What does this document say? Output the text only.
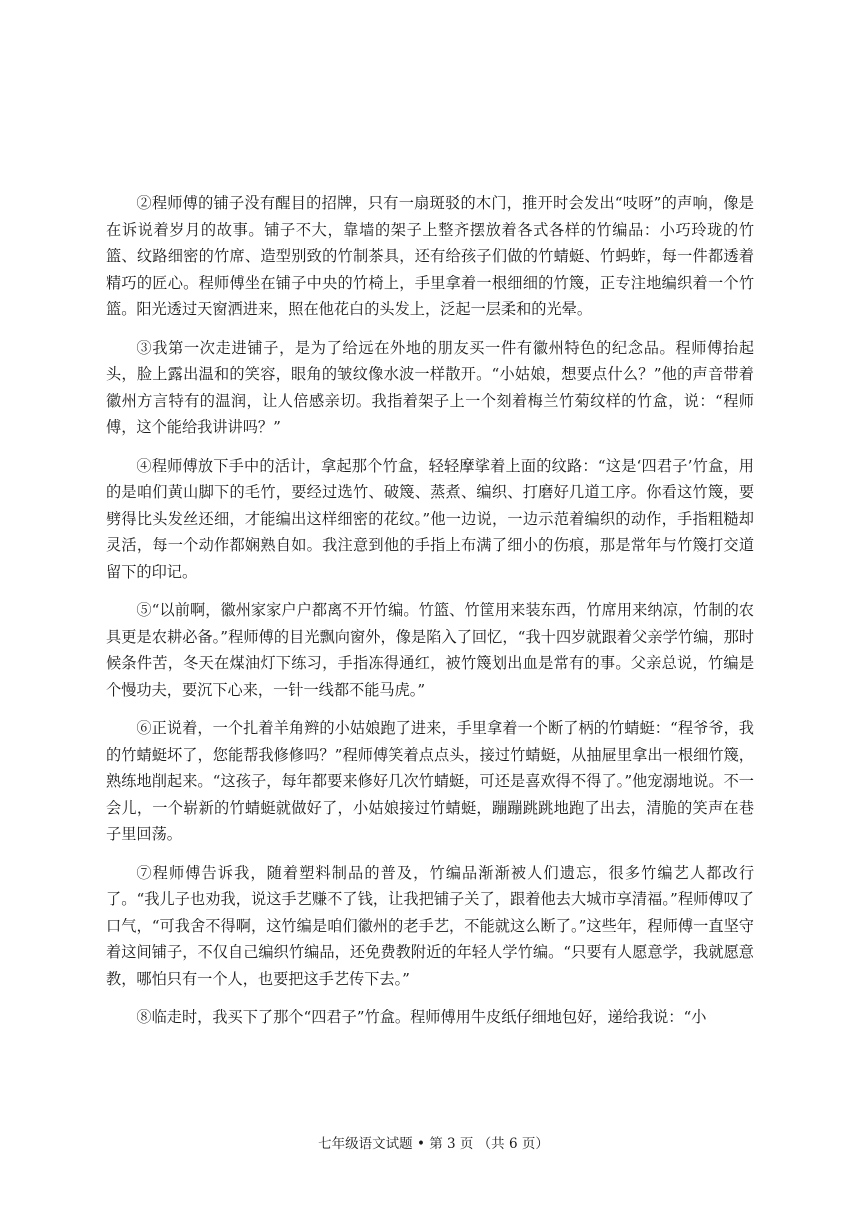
②程师傅的铺子没有醒目的招牌，只有一扇斑驳的木门，推开时会发出“吱呀”的声响，像是在诉说着岁月的故事。铺子不大，靠墙的架子上整齐摆放着各式各样的竹编品：小巧玲珑的竹篮、纹路细密的竹席、造型别致的竹制茶具，还有给孩子们做的竹蜻蜓、竹蚂蚱，每一件都透着精巧的匠心。程师傅坐在铺子中央的竹椅上，手里拿着一根细细的竹篾，正专注地编织着一个竹篮。阳光透过天窗洒进来，照在他花白的头发上，泛起一层柔和的光晕。

③我第一次走进铺子，是为了给远在外地的朋友买一件有徽州特色的纪念品。程师傅抬起头，脸上露出温和的笑容，眼角的皱纹像水波一样散开。“小姑娘，想要点什么？”他的声音带着徽州方言特有的温润，让人倍感亲切。我指着架子上一个刻着梅兰竹菊纹样的竹盒，说：“程师傅，这个能给我讲讲吗？”

④程师傅放下手中的活计，拿起那个竹盒，轻轻摩挲着上面的纹路：“这是‘四君子’竹盒，用的是咱们黄山脚下的毛竹，要经过选竹、破篾、蒸煮、编织、打磨好几道工序。你看这竹篾，要劈得比头发丝还细，才能编出这样细密的花纹。”他一边说，一边示范着编织的动作，手指粗糙却灵活，每一个动作都娴熟自如。我注意到他的手指上布满了细小的伤痕，那是常年与竹篾打交道留下的印记。

⑤“以前啊，徽州家家户户都离不开竹编。竹篮、竹筐用来装东西，竹席用来纳凉，竹制的农具更是农耕必备。”程师傅的目光飘向窗外，像是陷入了回忆，“我十四岁就跟着父亲学竹编，那时候条件苦，冬天在煤油灯下练习，手指冻得通红，被竹篾划出血是常有的事。父亲总说，竹编是个慢功夫，要沉下心来，一针一线都不能马虎。”

⑥正说着，一个扎着羊角辫的小姑娘跑了进来，手里拿着一个断了柄的竹蜻蜓：“程爷爷，我的竹蜻蜓坏了，您能帮我修修吗？”程师傅笑着点点头，接过竹蜻蜓，从抽屉里拿出一根细竹篾，熟练地削起来。“这孩子，每年都要来修好几次竹蜻蜓，可还是喜欢得不得了。”他宠溺地说。不一会儿，一个崭新的竹蜻蜓就做好了，小姑娘接过竹蜻蜓，蹦蹦跳跳地跑了出去，清脆的笑声在巷子里回荡。

⑦程师傅告诉我，随着塑料制品的普及，竹编品渐渐被人们遗忘，很多竹编艺人都改行了。“我儿子也劝我，说这手艺赚不了钱，让我把铺子关了，跟着他去大城市享清福。”程师傅叹了口气，“可我舍不得啊，这竹编是咱们徽州的老手艺，不能就这么断了。”这些年，程师傅一直坚守着这间铺子，不仅自己编织竹编品，还免费教附近的年轻人学竹编。“只要有人愿意学，我就愿意教，哪怕只有一个人，也要把这手艺传下去。”

⑧临走时，我买下了那个“四君子”竹盒。程师傅用牛皮纸仔细地包好，递给我说：“小

七年级语文试题 • 第 3 页 （共 6 页）
